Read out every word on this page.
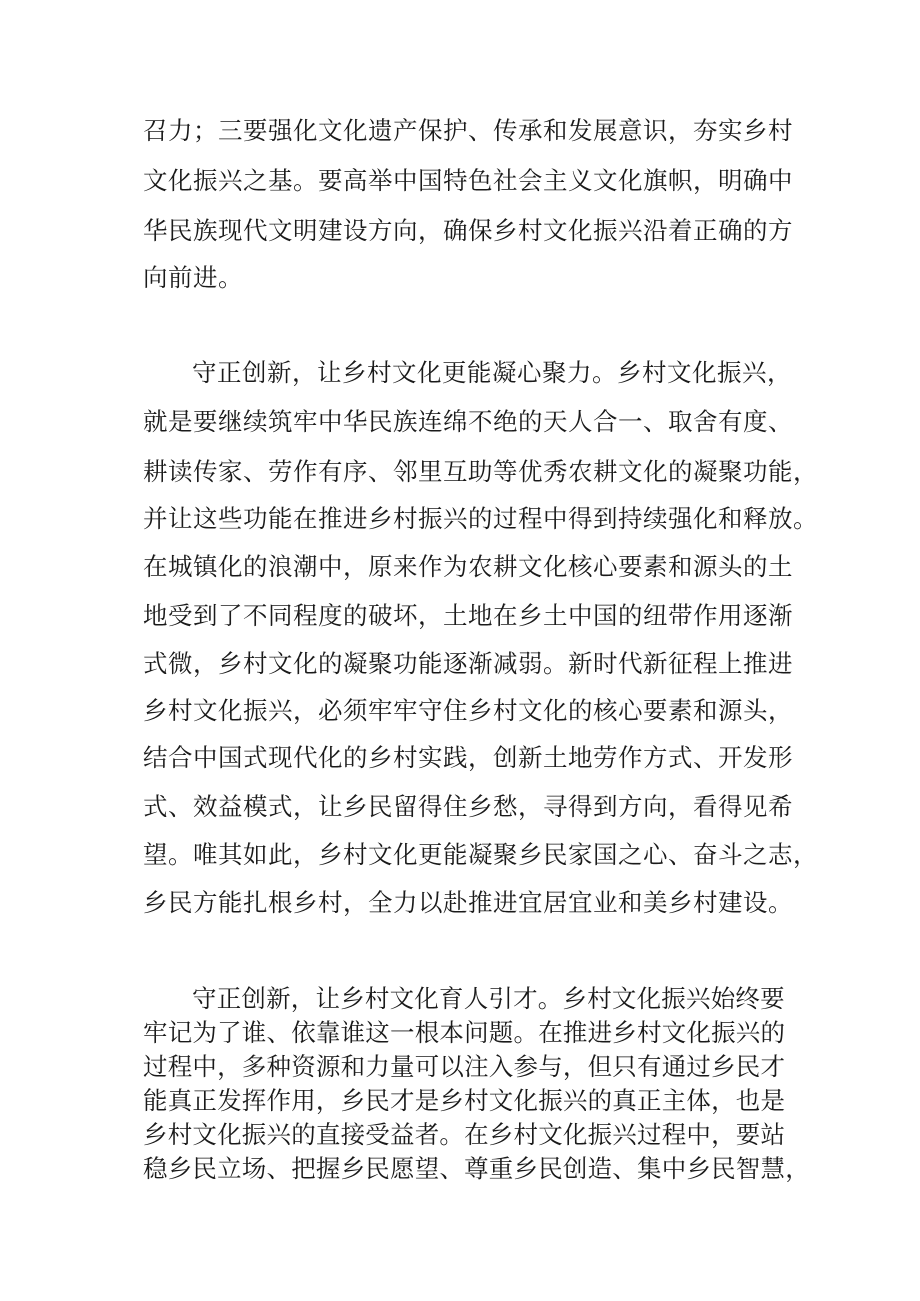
召力；三要强化文化遗产保护、传承和发展意识，夯实乡村
文化振兴之基。要高举中国特色社会主义文化旗帜，明确中
华民族现代文明建设方向，确保乡村文化振兴沿着正确的方
向前进。
守正创新，让乡村文化更能凝心聚力。乡村文化振兴，
就是要继续筑牢中华民族连绵不绝的天人合一、取舍有度、
耕读传家、劳作有序、邻里互助等优秀农耕文化的凝聚功能，
并让这些功能在推进乡村振兴的过程中得到持续强化和释放。
在城镇化的浪潮中，原来作为农耕文化核心要素和源头的土
地受到了不同程度的破坏，土地在乡土中国的纽带作用逐渐
式微，乡村文化的凝聚功能逐渐减弱。新时代新征程上推进
乡村文化振兴，必须牢牢守住乡村文化的核心要素和源头，
结合中国式现代化的乡村实践，创新土地劳作方式、开发形
式、效益模式，让乡民留得住乡愁，寻得到方向，看得见希
望。唯其如此，乡村文化更能凝聚乡民家国之心、奋斗之志，
乡民方能扎根乡村，全力以赴推进宜居宜业和美乡村建设。
守正创新，让乡村文化育人引才。乡村文化振兴始终要
牢记为了谁、依靠谁这一根本问题。在推进乡村文化振兴的
过程中，多种资源和力量可以注入参与，但只有通过乡民才
能真正发挥作用，乡民才是乡村文化振兴的真正主体，也是
乡村文化振兴的直接受益者。在乡村文化振兴过程中，要站
稳乡民立场、把握乡民愿望、尊重乡民创造、集中乡民智慧，
